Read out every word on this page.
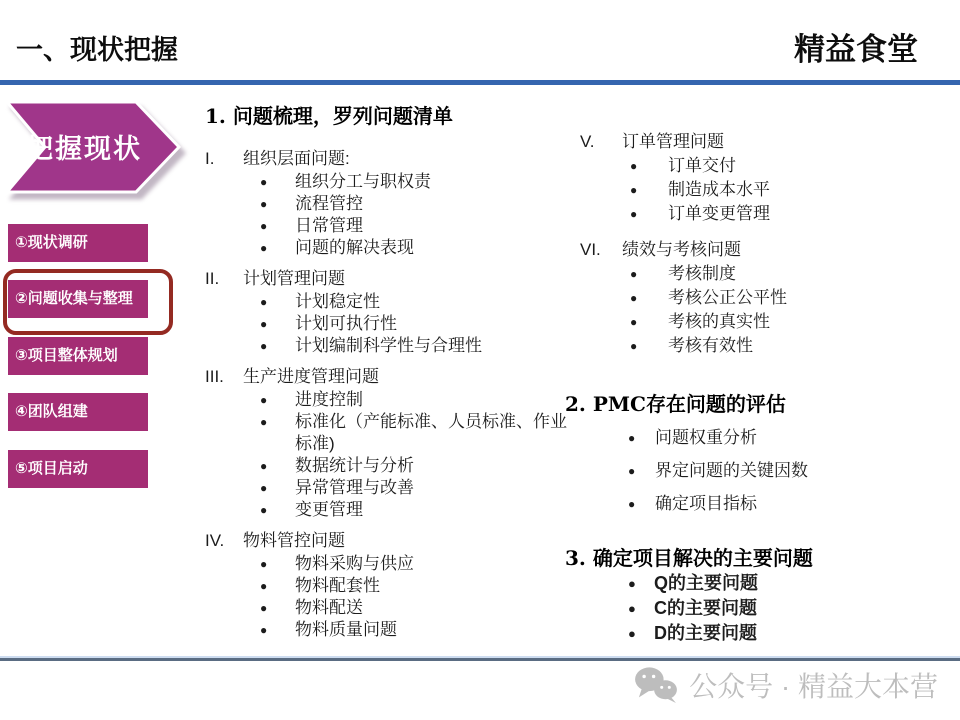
一、现状把握	精益食堂
把握现状
①现状调研
②问题收集与整理
③项目整体规划
④团队组建
⑤项目启动
1. 问题梳理，罗列问题清单
I.	组织层面问题:
●
组织分工与职权责
●
流程管控
●
日常管理
●
问题的解决表现
II.	计划管理问题
●
计划稳定性
●
计划可执行性
●
计划编制科学性与合理性
III.	生产进度管理问题
●
进度控制
●
标准化（产能标准、人员标准、作业标准)
●
数据统计与分析
●
异常管理与改善
●
变更管理
IV.	物料管控问题
●
物料采购与供应
●
物料配套性
●
物料配送
●
物料质量问题
V.	订单管理问题
●
订单交付
●
制造成本水平
●
订单变更管理
VI.	绩效与考核问题
●
考核制度
●
考核公正公平性
●
考核的真实性
●
考核有效性
2. PMC存在问题的评估
●
问题权重分析
●
界定问题的关键因数
●
确定项目指标
3. 确定项目解决的主要问题
●
Q的主要问题
●
C的主要问题
●
D的主要问题
公众号 · 精益大本营
